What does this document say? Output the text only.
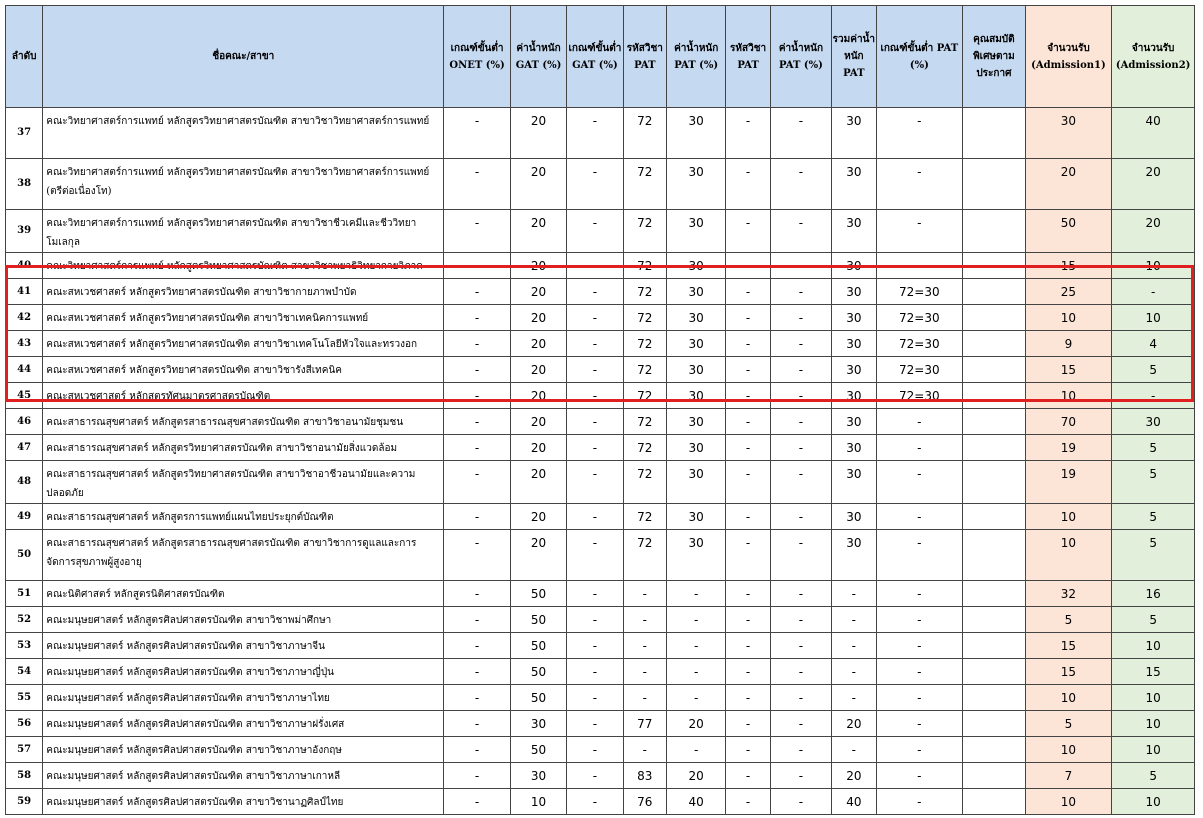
ลำดับ	ชื่อคณะ/สาขา	เกณฑ์ขั้นต่ำ ONET (%)	ค่าน้ำหนัก GAT (%)	เกณฑ์ขั้นต่ำ GAT (%)	รหัสวิชา PAT	ค่าน้ำหนัก PAT (%)	รหัสวิชา PAT	ค่าน้ำหนัก PAT (%)	รวมค่าน้ำหนัก PAT	เกณฑ์ขั้นต่ำ PAT (%)	คุณสมบัติพิเศษตามประกาศ	จำนวนรับ (Admission1)	จำนวนรับ (Admission2)
37	คณะวิทยาศาสตร์การแพทย์ หลักสูตรวิทยาศาสตรบัณฑิต สาขาวิชาวิทยาศาสตร์การแพทย์	-	20	-	72	30	-	-	30	-		30	40
38	คณะวิทยาศาสตร์การแพทย์ หลักสูตรวิทยาศาสตรบัณฑิต สาขาวิชาวิทยาศาสตร์การแพทย์ (ตรีต่อเนื่องโท)	-	20	-	72	30	-	-	30	-		20	20
39	คณะวิทยาศาสตร์การแพทย์ หลักสูตรวิทยาศาสตรบัณฑิต สาขาวิชาชีวเคมีและชีววิทยาโมเลกุล	-	20	-	72	30	-	-	30	-		50	20
40	คณะวิทยาศาสตร์การแพทย์ หลักสูตรวิทยาศาสตรบัณฑิต สาขาวิชาพยาธิวิทยากายวิภาค	-	20	-	72	30	-	-	30	-		15	10
41	คณะสหเวชศาสตร์ หลักสูตรวิทยาศาสตรบัณฑิต สาขาวิชากายภาพบำบัด	-	20	-	72	30	-	-	30	72=30		25	-
42	คณะสหเวชศาสตร์ หลักสูตรวิทยาศาสตรบัณฑิต สาขาวิชาเทคนิคการแพทย์	-	20	-	72	30	-	-	30	72=30		10	10
43	คณะสหเวชศาสตร์ หลักสูตรวิทยาศาสตรบัณฑิต สาขาวิชาเทคโนโลยีหัวใจและทรวงอก	-	20	-	72	30	-	-	30	72=30		9	4
44	คณะสหเวชศาสตร์ หลักสูตรวิทยาศาสตรบัณฑิต สาขาวิชารังสีเทคนิค	-	20	-	72	30	-	-	30	72=30		15	5
45	คณะสหเวชศาสตร์ หลักสูตรทัศนมาตรศาสตรบัณฑิต	-	20	-	72	30	-	-	30	72=30		10	-
46	คณะสาธารณสุขศาสตร์ หลักสูตรสาธารณสุขศาสตรบัณฑิต สาขาวิชาอนามัยชุมชน	-	20	-	72	30	-	-	30	-		70	30
47	คณะสาธารณสุขศาสตร์ หลักสูตรวิทยาศาสตรบัณฑิต สาขาวิชาอนามัยสิ่งแวดล้อม	-	20	-	72	30	-	-	30	-		19	5
48	คณะสาธารณสุขศาสตร์ หลักสูตรวิทยาศาสตรบัณฑิต สาขาวิชาอาชีวอนามัยและความปลอดภัย	-	20	-	72	30	-	-	30	-		19	5
49	คณะสาธารณสุขศาสตร์ หลักสูตรการแพทย์แผนไทยประยุกต์บัณฑิต	-	20	-	72	30	-	-	30	-		10	5
50	คณะสาธารณสุขศาสตร์ หลักสูตรสาธารณสุขศาสตรบัณฑิต สาขาวิชาการดูแลและการจัดการสุขภาพผู้สูงอายุ	-	20	-	72	30	-	-	30	-		10	5
51	คณะนิติศาสตร์ หลักสูตรนิติศาสตรบัณฑิต	-	50	-	-	-	-	-	-	-		32	16
52	คณะมนุษยศาสตร์ หลักสูตรศิลปศาสตรบัณฑิต สาขาวิชาพม่าศึกษา	-	50	-	-	-	-	-	-	-		5	5
53	คณะมนุษยศาสตร์ หลักสูตรศิลปศาสตรบัณฑิต สาขาวิชาภาษาจีน	-	50	-	-	-	-	-	-	-		15	10
54	คณะมนุษยศาสตร์ หลักสูตรศิลปศาสตรบัณฑิต สาขาวิชาภาษาญี่ปุ่น	-	50	-	-	-	-	-	-	-		15	15
55	คณะมนุษยศาสตร์ หลักสูตรศิลปศาสตรบัณฑิต สาขาวิชาภาษาไทย	-	50	-	-	-	-	-	-	-		10	10
56	คณะมนุษยศาสตร์ หลักสูตรศิลปศาสตรบัณฑิต สาขาวิชาภาษาฝรั่งเศส	-	30	-	77	20	-	-	20	-		5	10
57	คณะมนุษยศาสตร์ หลักสูตรศิลปศาสตรบัณฑิต สาขาวิชาภาษาอังกฤษ	-	50	-	-	-	-	-	-	-		10	10
58	คณะมนุษยศาสตร์ หลักสูตรศิลปศาสตรบัณฑิต สาขาวิชาภาษาเกาหลี	-	30	-	83	20	-	-	20	-		7	5
59	คณะมนุษยศาสตร์ หลักสูตรศิลปศาสตรบัณฑิต สาขาวิชานาฏศิลป์ไทย	-	10	-	76	40	-	-	40	-		10	10
